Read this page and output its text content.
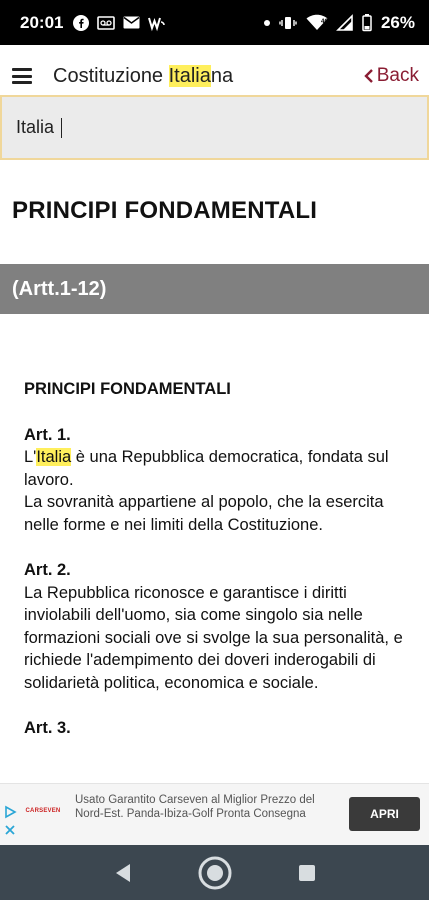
20:01	4G	26%
Costituzione Italiana	Back
Italia
PRINCIPI FONDAMENTALI
(Artt.1-12)
PRINCIPI FONDAMENTALI
Art. 1.

L'Italia è una Repubblica democratica, fondata sul lavoro.

La sovranità appartiene al popolo, che la esercita nelle forme e nei limiti della Costituzione.

Art. 2.

La Repubblica riconosce e garantisce i diritti inviolabili dell'uomo, sia come singolo sia nelle formazioni sociali ove si svolge la sua personalità, e richiede l'adempimento dei doveri inderogabili di solidarietà politica, economica e sociale.

Art. 3.
CARSEVEN
Usato Garantito Carseven al Miglior Prezzo del Nord-Est. Panda-Ibiza-Golf Pronta Consegna	APRI
